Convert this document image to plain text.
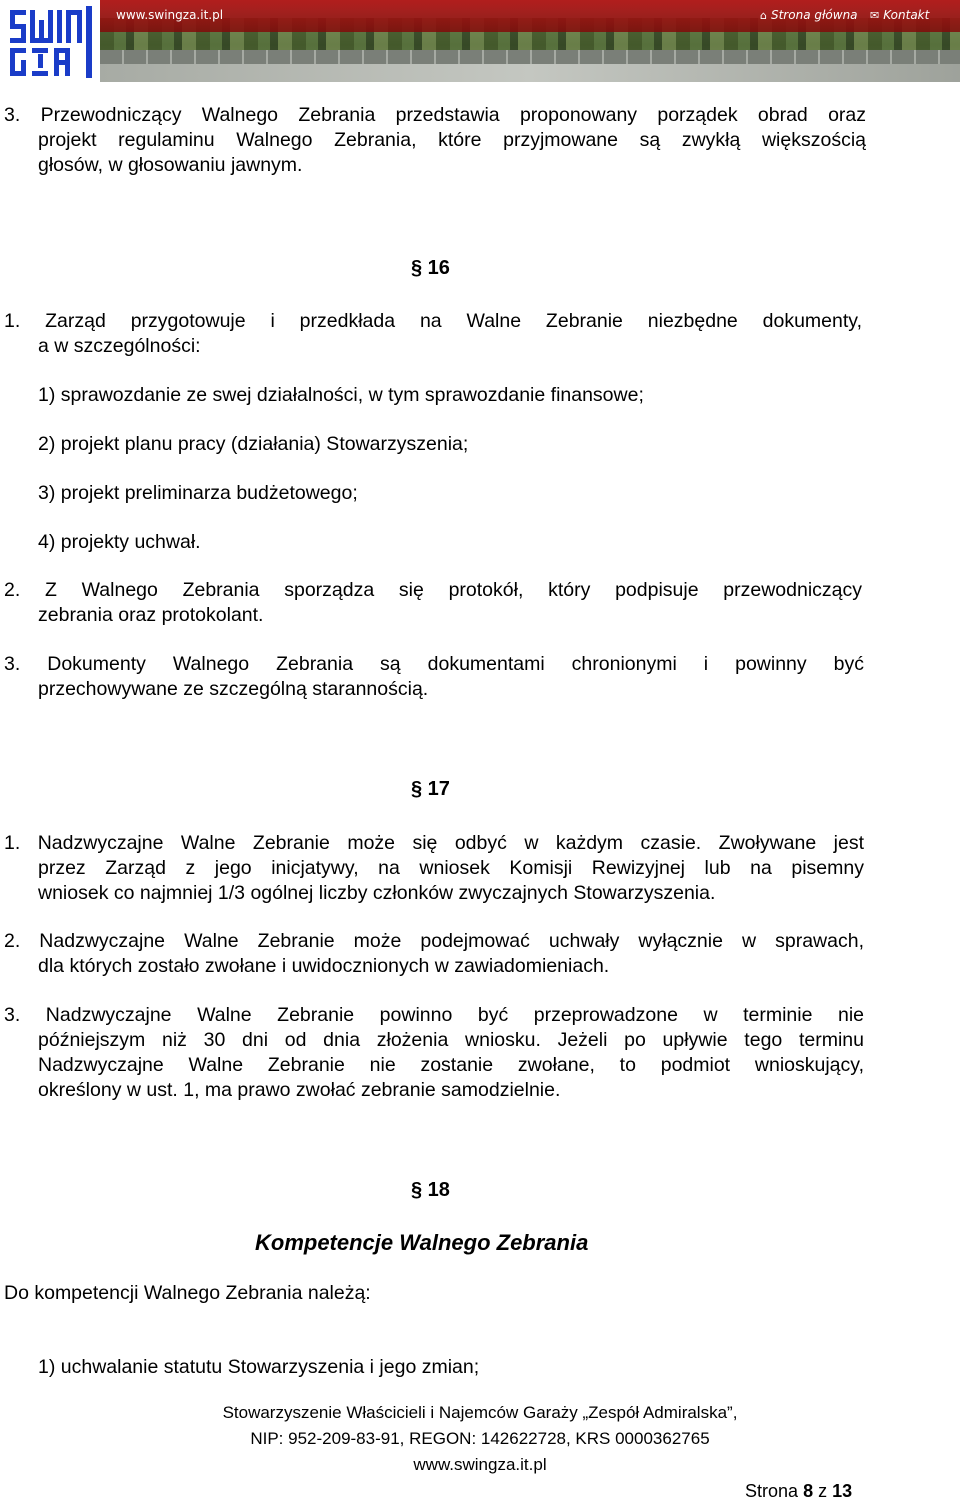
www.swingza.it.pl	⌂ Strona główna ✉ Kontakt
3. Przewodniczący Walnego Zebrania przedstawia proponowany porządek obrad oraz
projekt regulaminu Walnego Zebrania, które przyjmowane są zwykłą większością
głosów, w głosowaniu jawnym.
§ 16
1. Zarząd przygotowuje i przedkłada na Walne Zebranie niezbędne dokumenty,
a w szczególności:
1) sprawozdanie ze swej działalności, w tym sprawozdanie finansowe;
2) projekt planu pracy (działania) Stowarzyszenia;
3) projekt preliminarza budżetowego;
4) projekty uchwał.
2. Z Walnego Zebrania sporządza się protokół, który podpisuje przewodniczący
zebrania oraz protokolant.
3. Dokumenty Walnego Zebrania są dokumentami chronionymi i powinny być
przechowywane ze szczególną starannością.
§ 17
1. Nadzwyczajne Walne Zebranie może się odbyć w każdym czasie. Zwoływane jest
przez Zarząd z jego inicjatywy, na wniosek Komisji Rewizyjnej lub na pisemny
wniosek co najmniej 1/3 ogólnej liczby członków zwyczajnych Stowarzyszenia.
2. Nadzwyczajne Walne Zebranie może podejmować uchwały wyłącznie w sprawach,
dla których zostało zwołane i uwidocznionych w zawiadomieniach.
3. Nadzwyczajne Walne Zebranie powinno być przeprowadzone w terminie nie
późniejszym niż 30 dni od dnia złożenia wniosku. Jeżeli po upływie tego terminu
Nadzwyczajne Walne Zebranie nie zostanie zwołane, to podmiot wnioskujący,
określony w ust. 1, ma prawo zwołać zebranie samodzielnie.
§ 18
Kompetencje Walnego Zebrania
Do kompetencji Walnego Zebrania należą:
1) uchwalanie statutu Stowarzyszenia i jego zmian;
Stowarzyszenie Właścicieli i Najemców Garaży „Zespół Admiralska”,
NIP: 952-209-83-91, REGON: 142622728, KRS 0000362765
www.swingza.it.pl
Strona 8 z 13
